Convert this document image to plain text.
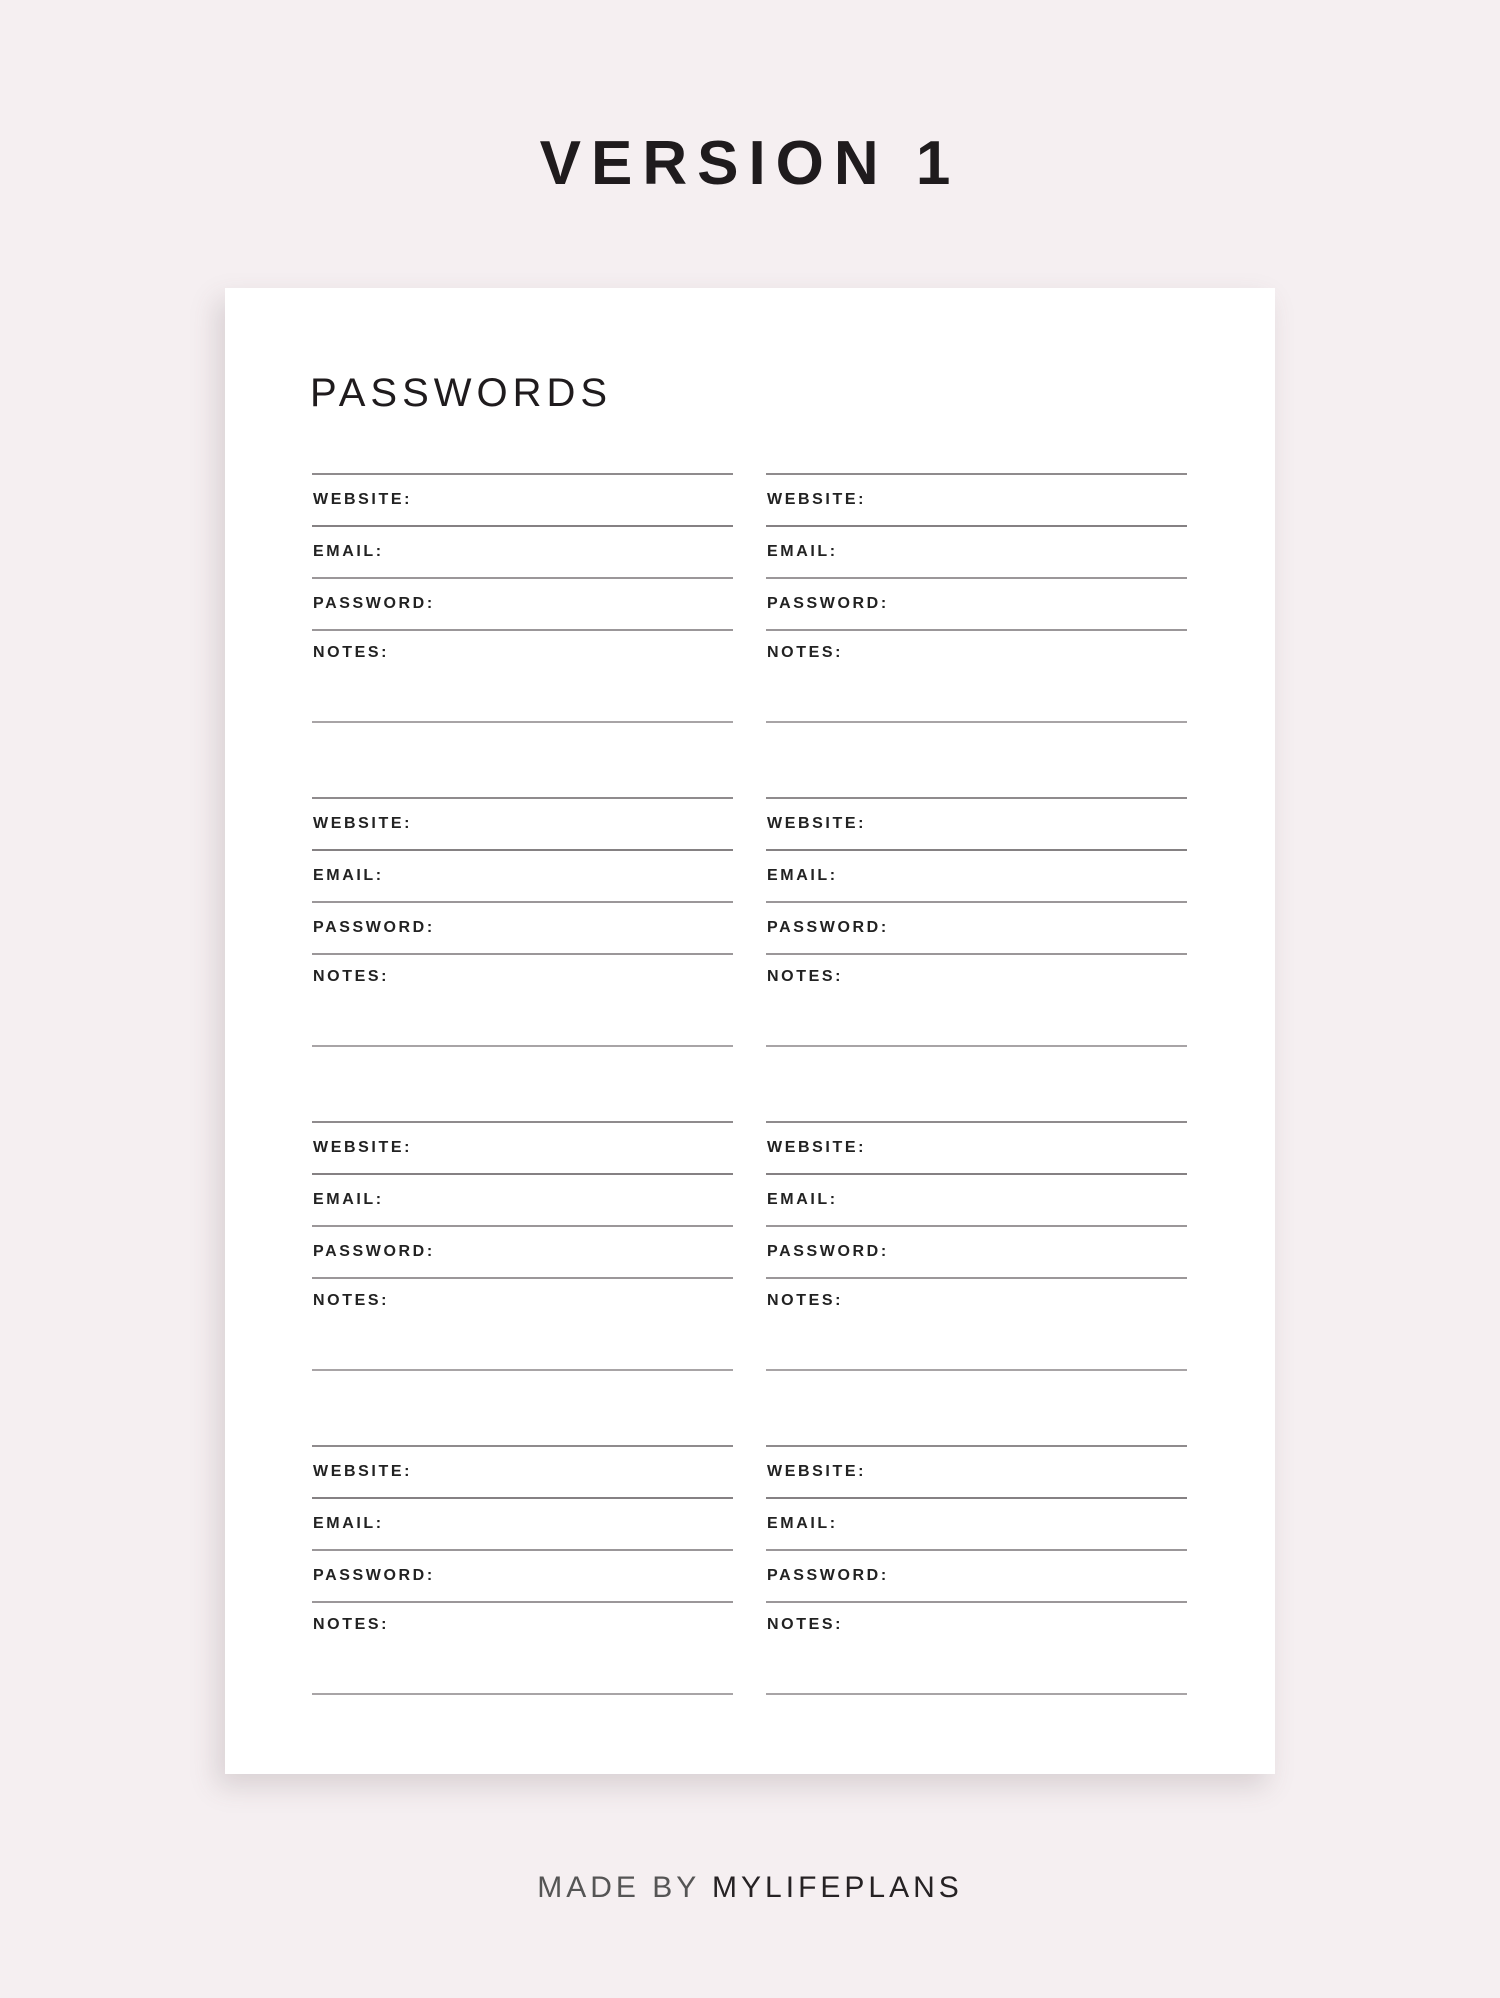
VERSION 1
PASSWORDS
WEBSITE:
EMAIL:
PASSWORD:
NOTES:
WEBSITE:
EMAIL:
PASSWORD:
NOTES:
WEBSITE:
EMAIL:
PASSWORD:
NOTES:
WEBSITE:
EMAIL:
PASSWORD:
NOTES:
WEBSITE:
EMAIL:
PASSWORD:
NOTES:
WEBSITE:
EMAIL:
PASSWORD:
NOTES:
WEBSITE:
EMAIL:
PASSWORD:
NOTES:
WEBSITE:
EMAIL:
PASSWORD:
NOTES:
MADE BY MYLIFEPLANS
